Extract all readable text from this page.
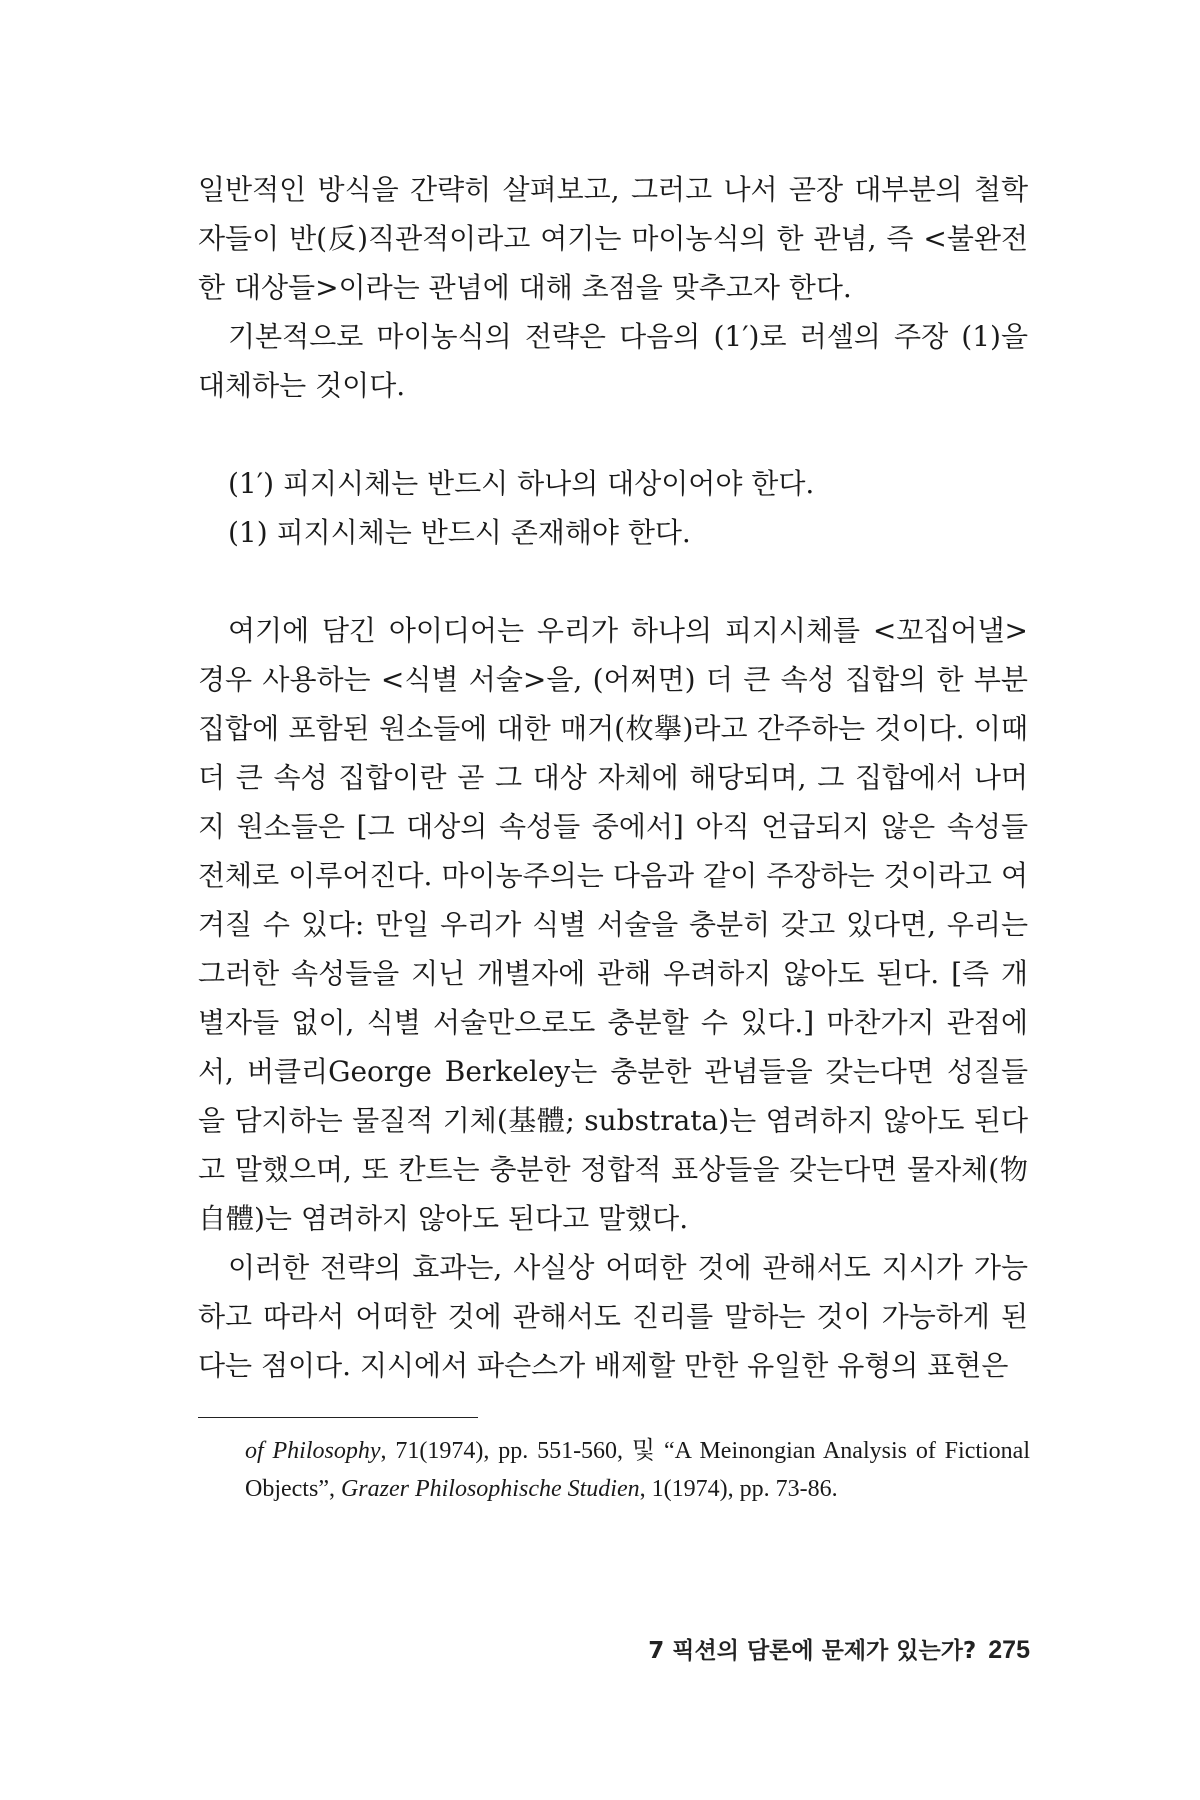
일반적인 방식을 간략히 살펴보고, 그러고 나서 곧장 대부분의 철학자들이 반(反)직관적이라고 여기는 마이농식의 한 관념, 즉 <불완전한 대상들>이라는 관념에 대해 초점을 맞추고자 한다.

기본적으로 마이농식의 전략은 다음의 (1′)로 러셀의 주장 (1)을 대체하는 것이다.

(1′) 피지시체는 반드시 하나의 대상이어야 한다.

(1) 피지시체는 반드시 존재해야 한다.

여기에 담긴 아이디어는 우리가 하나의 피지시체를 <꼬집어낼> 경우 사용하는 <식별 서술>을, (어쩌면) 더 큰 속성 집합의 한 부분집합에 포함된 원소들에 대한 매거(枚擧)라고 간주하는 것이다. 이때 더 큰 속성 집합이란 곧 그 대상 자체에 해당되며, 그 집합에서 나머지 원소들은 [그 대상의 속성들 중에서] 아직 언급되지 않은 속성들 전체로 이루어진다. 마이농주의는 다음과 같이 주장하는 것이라고 여겨질 수 있다: 만일 우리가 식별 서술을 충분히 갖고 있다면, 우리는 그러한 속성들을 지닌 개별자에 관해 우려하지 않아도 된다. [즉 개별자들 없이, 식별 서술만으로도 충분할 수 있다.] 마찬가지 관점에서, 버클리George Berkeley는 충분한 관념들을 갖는다면 성질들을 담지하는 물질적 기체(基體; substrata)는 염려하지 않아도 된다고 말했으며, 또 칸트는 충분한 정합적 표상들을 갖는다면 물자체(物自體)는 염려하지 않아도 된다고 말했다.

이러한 전략의 효과는, 사실상 어떠한 것에 관해서도 지시가 가능하고 따라서 어떠한 것에 관해서도 진리를 말하는 것이 가능하게 된다는 점이다. 지시에서 파슨스가 배제할 만한 유일한 유형의 표현은

of Philosophy, 71(1974), pp. 551-560, 및 “A Meinongian Analysis of Fictional Objects”, Grazer Philosophische Studien, 1(1974), pp. 73-86.

7 픽션의 담론에 문제가 있는가? 275
